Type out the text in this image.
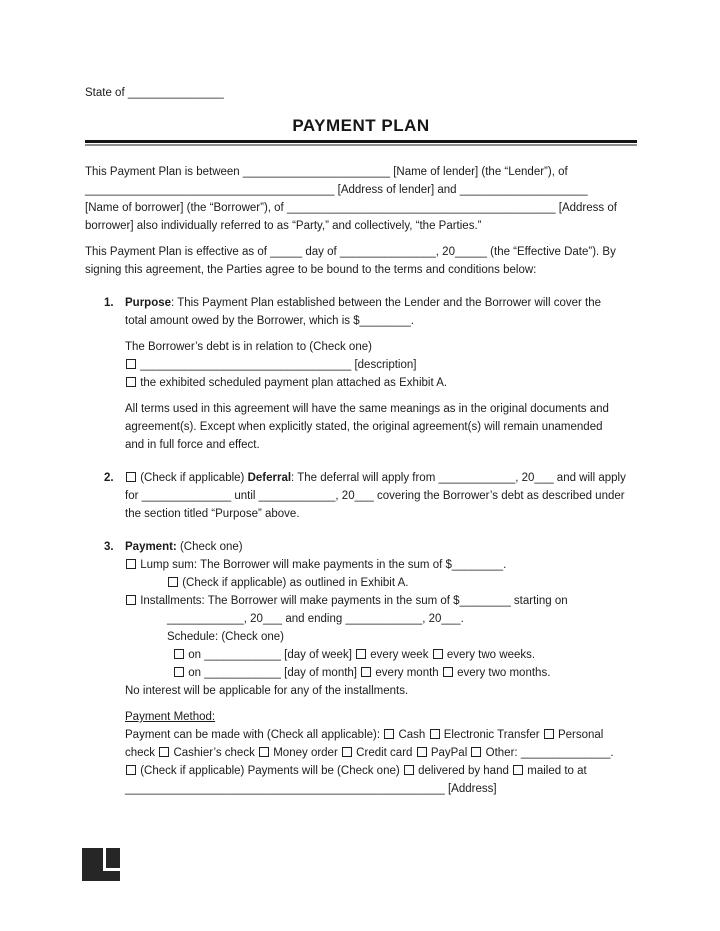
State of _______________
PAYMENT PLAN
This Payment Plan is between _______________________ [Name of lender] (the “Lender”), of
_______________________________________ [Address of lender] and ____________________
[Name of borrower] (the “Borrower”), of __________________________________________ [Address of
borrower] also individually referred to as “Party,” and collectively, “the Parties.”
This Payment Plan is effective as of _____ day of _______________, 20_____ (the “Effective Date”). By
signing this agreement, the Parties agree to be bound to the terms and conditions below:
1. Purpose: This Payment Plan established between the Lender and the Borrower will cover the
total amount owed by the Borrower, which is $________.
The Borrower’s debt is in relation to (Check one)
_________________________________ [description]
the exhibited scheduled payment plan attached as Exhibit A.
All terms used in this agreement will have the same meanings as in the original documents and
agreement(s). Except when explicitly stated, the original agreement(s) will remain unamended
and in full force and effect.
2. (Check if applicable) Deferral: The deferral will apply from ____________, 20___ and will apply
for ______________ until ____________, 20___ covering the Borrower’s debt as described under
the section titled “Purpose” above.
3. Payment: (Check one)
Lump sum: The Borrower will make payments in the sum of $________.
(Check if applicable) as outlined in Exhibit A.
Installments: The Borrower will make payments in the sum of $________ starting on
____________, 20___ and ending ____________, 20___.
Schedule: (Check one)
on ____________ [day of week]  every week  every two weeks.
on ____________ [day of month]  every month  every two months.
No interest will be applicable for any of the installments.
Payment Method:
Payment can be made with (Check all applicable):  Cash  Electronic Transfer  Personal
check  Cashier’s check  Money order  Credit card  PayPal  Other: ______________.
(Check if applicable) Payments will be (Check one)  delivered by hand  mailed to at
__________________________________________________ [Address]
